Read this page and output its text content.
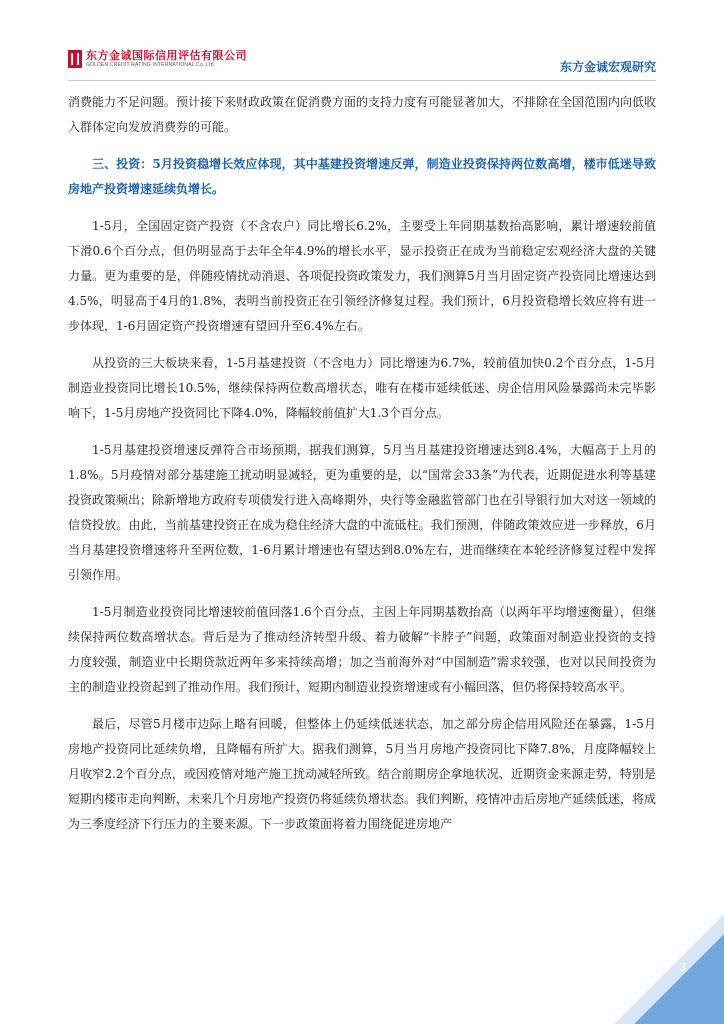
东方金诚国际信用评估有限公司
GOLDEN CREDIT RATING INTERNATIONAL Co.,Ltd.	东方金诚宏观研究

消费能力不足问题。预计接下来财政政策在促消费方面的支持力度有可能显著加大，不排除在全国范围内向低收入群体定向发放消费券的可能。

三、投资：5月投资稳增长效应体现，其中基建投资增速反弹，制造业投资保持两位数高增，楼市低迷导致房地产投资增速延续负增长。

1-5月，全国固定资产投资（不含农户）同比增长6.2%，主要受上年同期基数抬高影响，累计增速较前值下滑0.6个百分点，但仍明显高于去年全年4.9%的增长水平，显示投资正在成为当前稳定宏观经济大盘的关键力量。更为重要的是，伴随疫情扰动消退、各项促投资政策发力，我们测算5月当月固定资产投资同比增速达到4.5%，明显高于4月的1.8%，表明当前投资正在引领经济修复过程。我们预计，6月投资稳增长效应将有进一步体现，1-6月固定资产投资增速有望回升至6.4%左右。

从投资的三大板块来看，1-5月基建投资（不含电力）同比增速为6.7%，较前值加快0.2个百分点，1-5月制造业投资同比增长10.5%，继续保持两位数高增状态，唯有在楼市延续低迷、房企信用风险暴露尚未完毕影响下，1-5月房地产投资同比下降4.0%，降幅较前值扩大1.3个百分点。

1-5月基建投资增速反弹符合市场预期，据我们测算，5月当月基建投资增速达到8.4%，大幅高于上月的1.8%。5月疫情对部分基建施工扰动明显减轻，更为重要的是，以“国常会33条”为代表，近期促进水利等基建投资政策频出；除新增地方政府专项债发行进入高峰期外，央行等金融监管部门也在引导银行加大对这一领域的信贷投放。由此，当前基建投资正在成为稳住经济大盘的中流砥柱。我们预测，伴随政策效应进一步释放，6月当月基建投资增速将升至两位数，1-6月累计增速也有望达到8.0%左右，进而继续在本轮经济修复过程中发挥引领作用。

1-5月制造业投资同比增速较前值回落1.6个百分点，主因上年同期基数抬高（以两年平均增速衡量），但继续保持两位数高增状态。背后是为了推动经济转型升级、着力破解“卡脖子”问题，政策面对制造业投资的支持力度较强，制造业中长期贷款近两年多来持续高增；加之当前海外对“中国制造”需求较强，也对以民间投资为主的制造业投资起到了推动作用。我们预计，短期内制造业投资增速或有小幅回落，但仍将保持较高水平。

最后，尽管5月楼市边际上略有回暖，但整体上仍延续低迷状态，加之部分房企信用风险还在暴露，1-5月房地产投资同比延续负增，且降幅有所扩大。据我们测算，5月当月房地产投资同比下降7.8%，月度降幅较上月收窄2.2个百分点，或因疫情对地产施工扰动减轻所致。结合前期房企拿地状况、近期资金来源走势，特别是短期内楼市走向判断，未来几个月房地产投资仍将延续负增状态。我们判断，疫情冲击后房地产延续低迷，将成为三季度经济下行压力的主要来源。下一步政策面将着力围绕促进房地产

3
